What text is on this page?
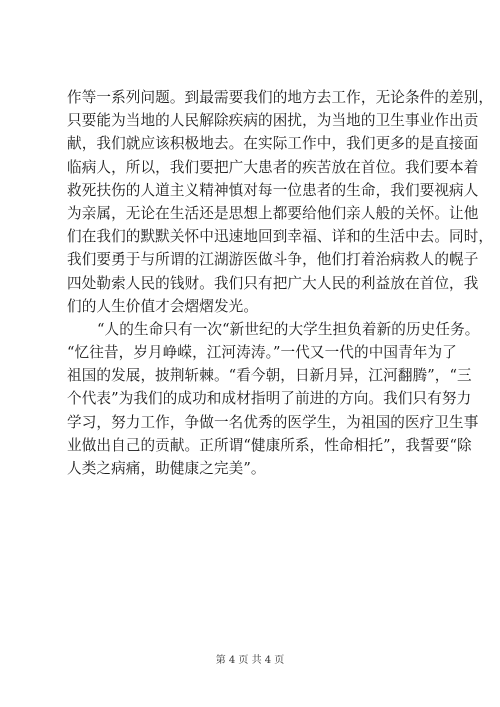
作等一系列问题。到最需要我们的地方去工作，无论条件的差别，
只要能为当地的人民解除疾病的困扰，为当地的卫生事业作出贡
献，我们就应该积极地去。在实际工作中，我们更多的是直接面
临病人，所以，我们要把广大患者的疾苦放在首位。我们要本着
救死扶伤的人道主义精神慎对每一位患者的生命，我们要视病人
为亲属，无论在生活还是思想上都要给他们亲人般的关怀。让他
们在我们的默默关怀中迅速地回到幸福、详和的生活中去。同时，
我们要勇于与所谓的江湖游医做斗争，他们打着治病救人的幌子
四处勒索人民的钱财。我们只有把广大人民的利益放在首位，我
们的人生价值才会熠熠发光。
“人的生命只有一次“新世纪的大学生担负着新的历史任务。
“忆往昔，岁月峥嵘，江河涛涛。”一代又一代的中国青年为了
祖国的发展，披荆斩棘。“看今朝，日新月异，江河翻腾”，“三
个代表”为我们的成功和成材指明了前进的方向。我们只有努力
学习，努力工作，争做一名优秀的医学生，为祖国的医疗卫生事
业做出自己的贡献。正所谓“健康所系，性命相托”，我誓要“除
人类之病痛，助健康之完美”。
第 4 页 共 4 页
